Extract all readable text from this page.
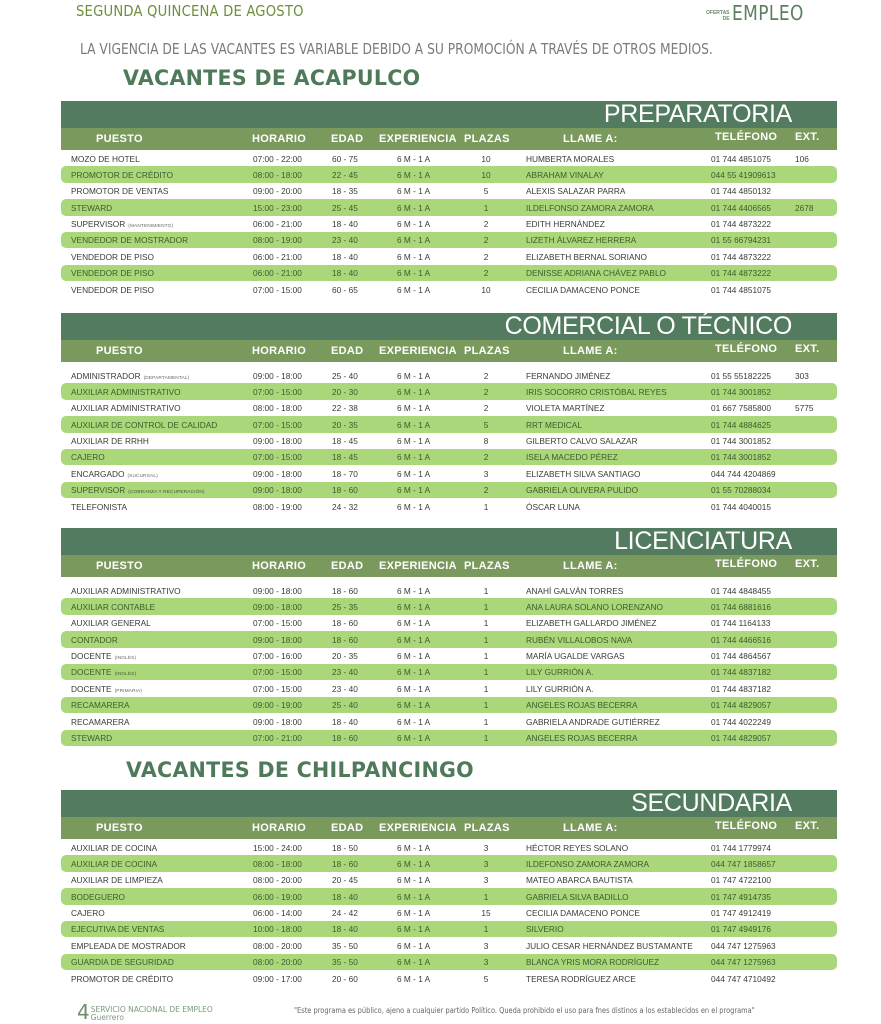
SEGUNDA QUINCENA DE AGOSTO	OFERTAS
DE EMPLEO
LA VIGENCIA DE LAS VACANTES ES VARIABLE DEBIDO A SU PROMOCIÓN A TRAVÉS DE OTROS MEDIOS.
VACANTES DE ACAPULCO
VACANTES DE CHILPANCINGO
PREPARATORIA
PUESTO	HORARIO EDAD EXPERIENCIA PLAZAS	LLAME A:	TELÉFONO EXT.
MOZO DE HOTEL	07:00 - 22:00	60 - 75	6 M - 1 A	10	HUMBERTA MORALES	01 744 4851075	106
PROMOTOR DE CRÉDITO	08:00 - 18:00	22 - 45	6 M - 1 A	10	ABRAHAM VINALAY	044 55 41909613
PROMOTOR DE VENTAS	09:00 - 20:00	18 - 35	6 M - 1 A	5	ALEXIS SALAZAR PARRA	01 744 4850132
STEWARD	15:00 - 23:00	25 - 45	6 M - 1 A	1	ILDELFONSO ZAMORA ZAMORA	01 744 4406565	2678
SUPERVISOR (MANTENIMIENTO)	06:00 - 21:00	18 - 40	6 M - 1 A	2	EDITH HERNÁNDEZ	01 744 4873222
VENDEDOR DE MOSTRADOR	08:00 - 19:00	23 - 40	6 M - 1 A	2	LIZETH ÁLVAREZ HERRERA	01 55 66794231
VENDEDOR DE PISO	06:00 - 21:00	18 - 40	6 M - 1 A	2	ELIZABETH BERNAL SORIANO	01 744 4873222
VENDEDOR DE PISO	06:00 - 21:00	18 - 40	6 M - 1 A	2	DENISSE ADRIANA CHÁVEZ PABLO	01 744 4873222
VENDEDOR DE PISO	07:00 - 15:00	60 - 65	6 M - 1 A	10	CECILIA DAMACENO PONCE	01 744 4851075
COMERCIAL O TÉCNICO
PUESTO	HORARIO EDAD EXPERIENCIA PLAZAS	LLAME A:	TELÉFONO EXT.
ADMINISTRADOR (DEPARTAMENTAL)	09:00 - 18:00	25 - 40	6 M - 1 A	2	FERNANDO JIMÉNEZ	01 55 55182225	303
AUXILIAR ADMINISTRATIVO	07:00 - 15:00	20 - 30	6 M - 1 A	2	IRIS SOCORRO CRISTÓBAL REYES	01 744 3001852
AUXILIAR ADMINISTRATIVO	08:00 - 18:00	22 - 38	6 M - 1 A	2	VIOLETA MARTÍNEZ	01 667 7585800	5775
AUXILIAR DE CONTROL DE CALIDAD	07:00 - 15:00	20 - 35	6 M - 1 A	5	RRT MEDICAL	01 744 4884625
AUXILIAR DE RRHH	09:00 - 18:00	18 - 45	6 M - 1 A	8	GILBERTO CALVO SALAZAR	01 744 3001852
CAJERO	07:00 - 15:00	18 - 45	6 M - 1 A	2	ISELA MACEDO PÉREZ	01 744 3001852
ENCARGADO (SUCURSAL)	09:00 - 18:00	18 - 70	6 M - 1 A	3	ELIZABETH SILVA SANTIAGO	044 744 4204869
SUPERVISOR (COBRANZA Y RECUPERACIÓN)	09:00 - 18:00	18 - 60	6 M - 1 A	2	GABRIELA OLIVERA PULIDO	01 55 70288034
TELEFONISTA	08:00 - 19:00	24 - 32	6 M - 1 A	1	ÓSCAR LUNA	01 744 4040015
LICENCIATURA
PUESTO	HORARIO EDAD EXPERIENCIA PLAZAS	LLAME A:	TELÉFONO EXT.
AUXILIAR ADMINISTRATIVO	09:00 - 18:00	18 - 60	6 M - 1 A	1	ANAHÍ GALVÁN TORRES	01 744 4848455
AUXILIAR CONTABLE	09:00 - 18:00	25 - 35	6 M - 1 A	1	ANA LAURA SOLANO LORENZANO	01 744 6881616
AUXILIAR GENERAL	07:00 - 15:00	18 - 60	6 M - 1 A	1	ELIZABETH GALLARDO JIMÉNEZ	01 744 1164133
CONTADOR	09:00 - 18:00	18 - 60	6 M - 1 A	1	RUBÉN VILLALOBOS NAVA	01 744 4466516
DOCENTE (INGLÉS)	07:00 - 16:00	20 - 35	6 M - 1 A	1	MARÍA UGALDE VARGAS	01 744 4864567
DOCENTE (INGLÉS)	07:00 - 15:00	23 - 40	6 M - 1 A	1	LILY GURRIÓN A.	01 744 4837182
DOCENTE (PRIMARIA)	07:00 - 15:00	23 - 40	6 M - 1 A	1	LILY GURRIÓN A.	01 744 4837182
RECAMARERA	09:00 - 19:00	25 - 40	6 M - 1 A	1	ANGELES ROJAS BECERRA	01 744 4829057
RECAMARERA	09:00 - 18:00	18 - 40	6 M - 1 A	1	GABRIELA ANDRADE GUTIÉRREZ	01 744 4022249
STEWARD	07:00 - 21:00	18 - 60	6 M - 1 A	1	ANGELES ROJAS BECERRA	01 744 4829057
SECUNDARIA
PUESTO	HORARIO EDAD EXPERIENCIA PLAZAS	LLAME A:	TELÉFONO EXT.
AUXILIAR DE COCINA	15:00 - 24:00	18 - 50	6 M - 1 A	3	HÉCTOR REYES SOLANO	01 744 1779974
AUXILIAR DE COCINA	08:00 - 18:00	18 - 60	6 M - 1 A	3	ILDEFONSO ZAMORA ZAMORA	044 747 1858657
AUXILIAR DE LIMPIEZA	08:00 - 20:00	20 - 45	6 M - 1 A	3	MATEO ABARCA BAUTISTA	01 747 4722100
BODEGUERO	06:00 - 19:00	18 - 40	6 M - 1 A	1	GABRIELA SILVA BADILLO	01 747 4914735
CAJERO	06:00 - 14:00	24 - 42	6 M - 1 A	15	CECILIA DAMACENO PONCE	01 747 4912419
EJECUTIVA DE VENTAS	10:00 - 18:00	18 - 40	6 M - 1 A	1	SILVERIO	01 747 4949176
EMPLEADA DE MOSTRADOR	08:00 - 20:00	35 - 50	6 M - 1 A	3	JULIO CESAR HERNÁNDEZ BUSTAMANTE 044 747 1275963
GUARDIA DE SEGURIDAD	08:00 - 20:00	35 - 50	6 M - 1 A	3	BLANCA YRIS MORA RODRÍGUEZ	044 747 1275963
PROMOTOR DE CRÉDITO	09:00 - 17:00	20 - 60	6 M - 1 A	5	TERESA RODRÍGUEZ ARCE	044 747 4710492
4 SERVICIO NACIONAL DE EMPLEO
Guerrero
"Este programa es público, ajeno a cualquier partido Político. Queda prohibido el uso para fnes distinos a los establecidos en el programa"
